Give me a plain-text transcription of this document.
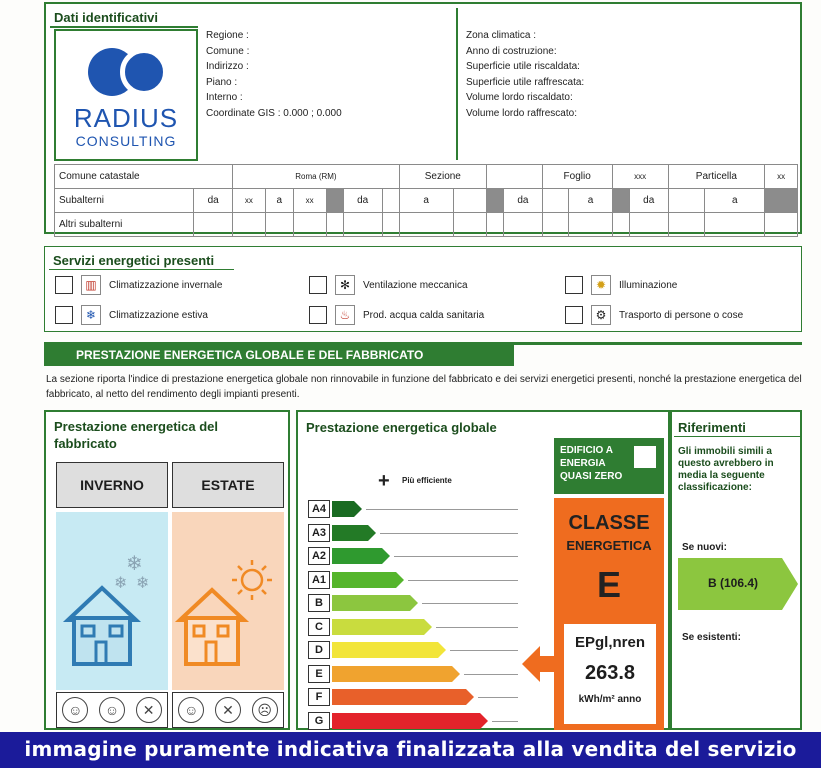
Dati identificativi
RADIUS
CONSULTING
Regione :
Comune :
Indirizzo :
Piano :
Interno :
Coordinate GIS : 0.000 ; 0.000
Zona climatica :
Anno di costruzione:
Superficie utile riscaldata:
Superficie utile raffrescata:
Volume lordo riscaldato:
Volume lordo raffrescato:
Comune catastale		Roma (RM)						Sezione				Foglio		xxx		Particella		xx
Subalterni	da	xx	a	xx		da		a			da		a		da		a	
Altri subalterni																		
Servizi energetici presenti
▥	Climatizzazione invernale	✻	Ventilazione meccanica	✹	Illuminazione
❄	Climatizzazione estiva	♨	Prod. acqua calda sanitaria	⚙	Trasporto di persone o cose
PRESTAZIONE ENERGETICA GLOBALE E DEL FABBRICATO
La sezione riporta l'indice di prestazione energetica globale non rinnovabile in funzione del fabbricato e dei servizi energetici presenti, nonché la prestazione energetica del fabbricato, al netto del rendimento degli impianti presenti.
Prestazione energetica del fabbricato
INVERNO	ESTATE
❄
❄ ❄
☺	☺	✕	☺	✕	☹
Prestazione energetica globale
+ Più efficiente
A4
A3
A2
A1
B
C
D
E
F
G
EDIFICIO A ENERGIA QUASI ZERO
CLASSE
ENERGETICA
E
EPgl,nren
263.8
kWh/m² anno
Riferimenti
Gli immobili simili a questo avrebbero in media la seguente classificazione:
Se nuovi:
B (106.4)
Se esistenti:
immagine puramente indicativa finalizzata alla vendita del servizio
